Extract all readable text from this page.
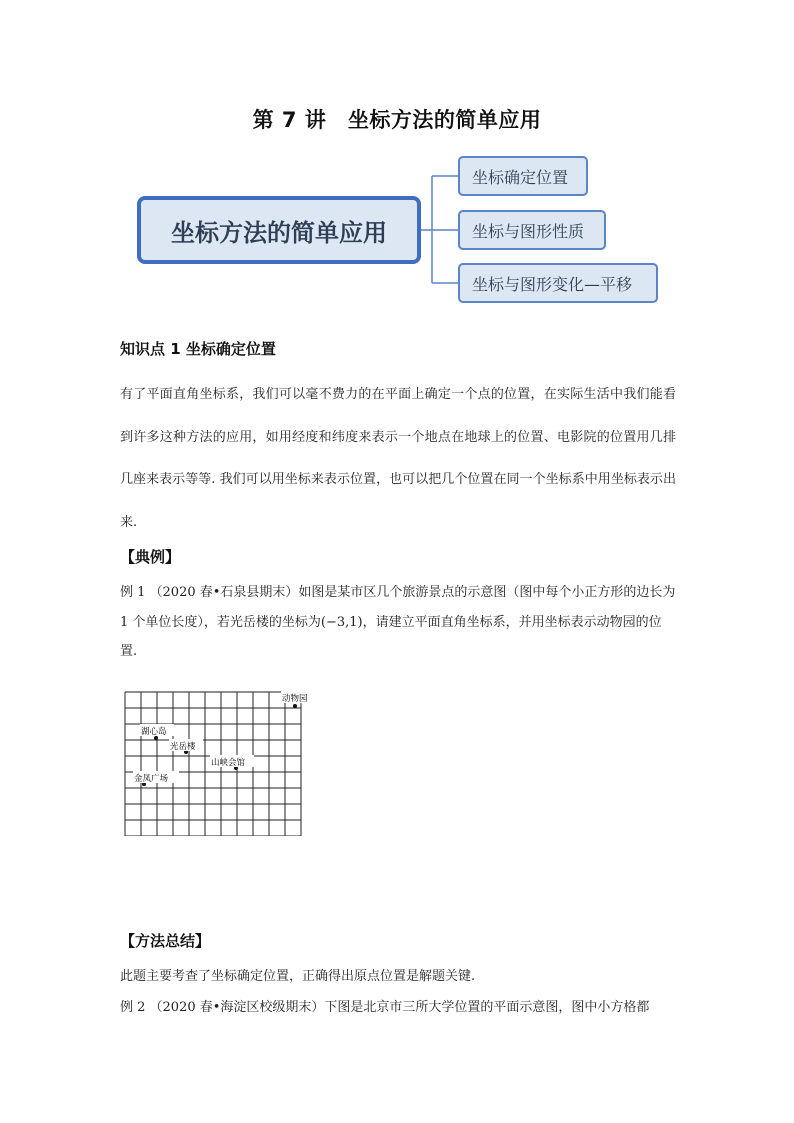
第 7 讲　坐标方法的简单应用
坐标方法的简单应用
坐标确定位置
坐标与图形性质
坐标与图形变化—平移
知识点 1 坐标确定位置
有了平面直角坐标系，我们可以毫不费力的在平面上确定一个点的位置，在实际生活中我们能看到许多这种方法的应用，如用经度和纬度来表示一个地点在地球上的位置、电影院的位置用几排几座来表示等等. 我们可以用坐标来表示位置，也可以把几个位置在同一个坐标系中用坐标表示出来.
【典例】
例 1 （2020 春•石泉县期末）如图是某市区几个旅游景点的示意图（图中每个小正方形的边长为 1 个单位长度），若光岳楼的坐标为(−3,1)，请建立平面直角坐标系，并用坐标表示动物园的位置.
动物园
湖心岛
光岳楼
山峡会馆
金凤广场
【方法总结】
此题主要考查了坐标确定位置，正确得出原点位置是解题关键.
例 2 （2020 春•海淀区校级期末）下图是北京市三所大学位置的平面示意图，图中小方格都
